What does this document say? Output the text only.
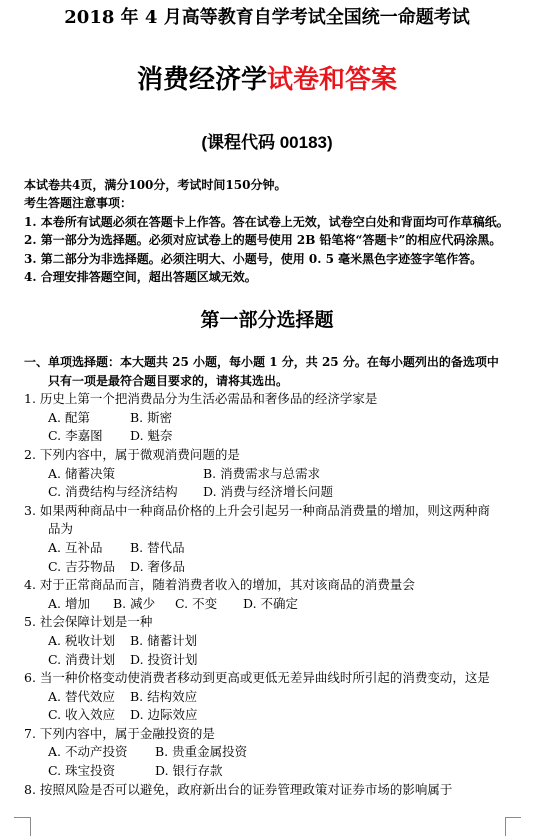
2018 年 4 月高等教育自学考试全国统一命题考试
消费经济学试卷和答案
(课程代码 00183)
本试卷共4页，满分100分，考试时间150分钟。
考生答题注意事项：
1. 本卷所有试题必须在答题卡上作答。答在试卷上无效，试卷空白处和背面均可作草稿纸。
2. 第一部分为选择题。必须对应试卷上的题号使用 2B 铅笔将“答题卡”的相应代码涂黑。
3. 第二部分为非选择题。必须注明大、小题号，使用 0. 5 毫米黑色字迹签字笔作答。
4. 合理安排答题空间，超出答题区域无效。
第一部分选择题
一、单项选择题：本大题共 25 小题，每小题 1 分，共 25 分。在每小题列出的备选项中
只有一项是最符合题目要求的，请将其选出。
1. 历史上第一个把消费品分为生活必需品和奢侈品的经济学家是
A. 配第	B. 斯密
C. 李嘉图 D. 魁奈
2. 下列内容中，属于微观消费问题的是
A. 储蓄决策	B. 消费需求与总需求
C. 消费结构与经济结构 D. 消费与经济增长问题
3. 如果两种商品中一种商品价格的上升会引起另一种商品消费量的增加，则这两种商
品为
A. 互补品 B. 替代品
C. 吉芬物品 D. 奢侈品
4. 对于正常商品而言，随着消费者收入的增加，其对该商品的消费量会
A. 增加 B. 减少 C. 不变 D. 不确定
5. 社会保障计划是一种
A. 税收计划 B. 储蓄计划
C. 消费计划 D. 投资计划
6. 当一种价格变动使消费者移动到更高或更低无差异曲线时所引起的消费变动，这是
A. 替代效应 B. 结构效应
C. 收入效应 D. 边际效应
7. 下列内容中，属于金融投资的是
A. 不动产投资 B. 贵重金属投资
C. 珠宝投资	D. 银行存款
8. 按照风险是否可以避免，政府新出台的证券管理政策对证券市场的影响属于
